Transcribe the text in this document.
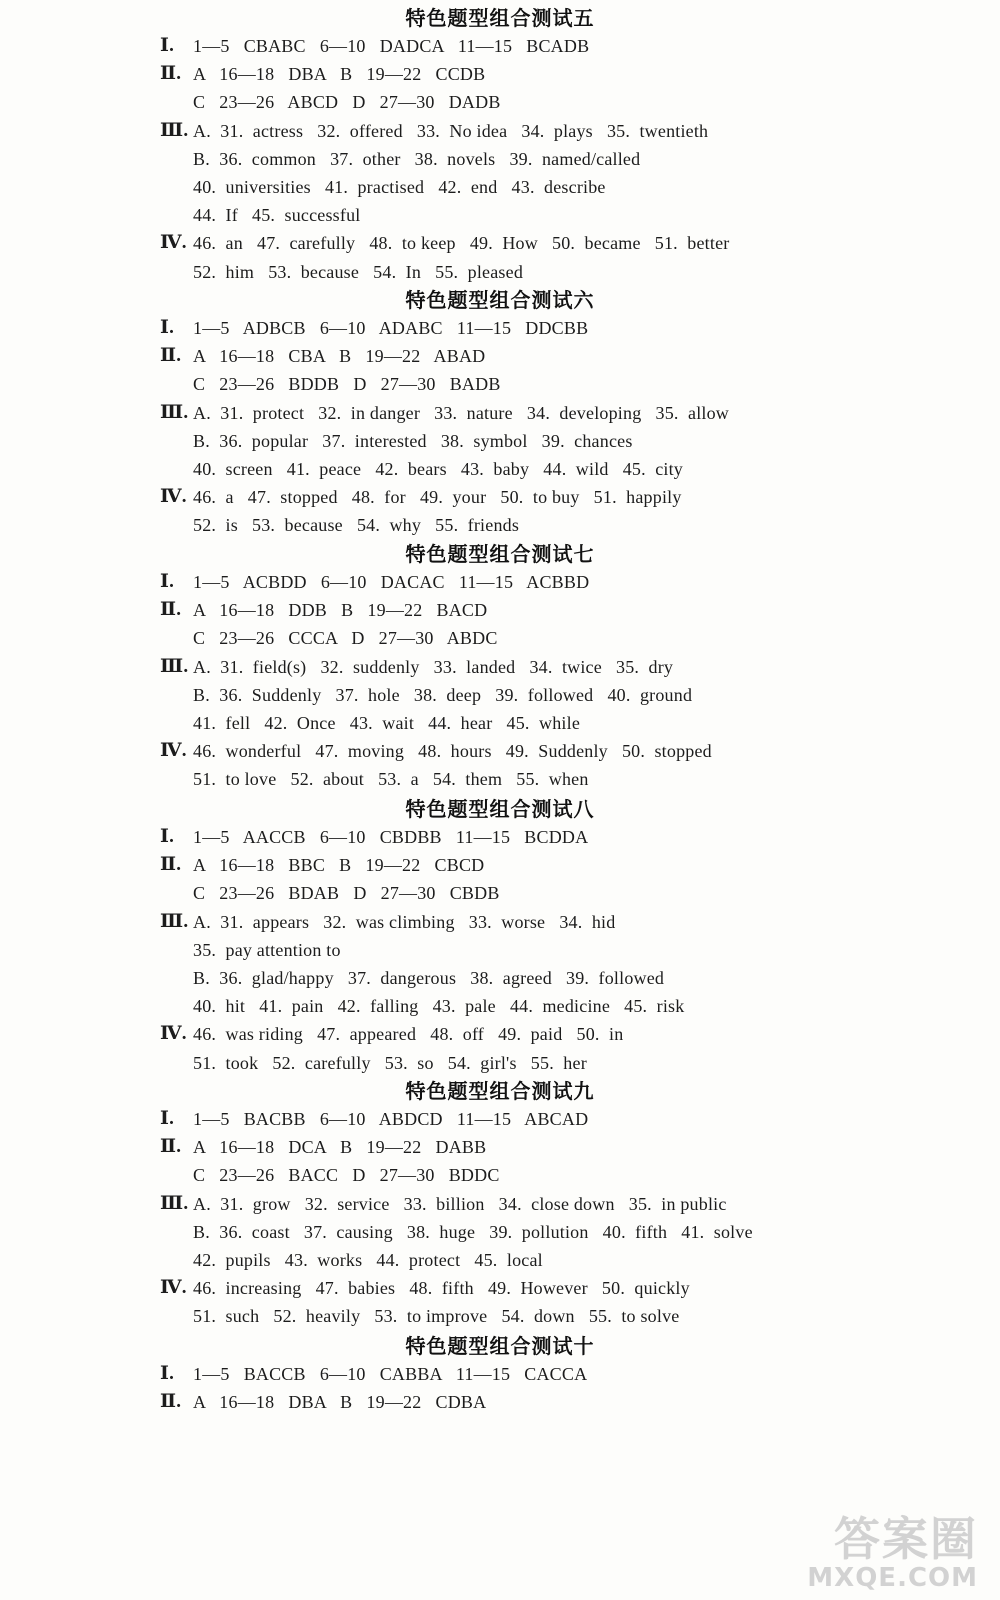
特色题型组合测试五
Ⅰ.	1—5   CBABC   6—10   DADCA   11—15   BCADB
Ⅱ. A   16—18   DBA   B   19—22   CCDB
C   23—26   ABCD   D   27—30   DADB
Ⅲ. A.  31.  actress   32.  offered   33.  No idea   34.  plays   35.  twentieth
B.  36.  common   37.  other   38.  novels   39.  named/called
40.  universities   41.  practised   42.  end   43.  describe
44.  If   45.  successful
Ⅳ. 46.  an   47.  carefully   48.  to keep   49.  How   50.  became   51.  better
52.  him   53.  because   54.  In   55.  pleased
特色题型组合测试六
Ⅰ.	1—5   ADBCB   6—10   ADABC   11—15   DDCBB
Ⅱ. A   16—18   CBA   B   19—22   ABAD
C   23—26   BDDB   D   27—30   BADB
Ⅲ. A.  31.  protect   32.  in danger   33.  nature   34.  developing   35.  allow
B.  36.  popular   37.  interested   38.  symbol   39.  chances
40.  screen   41.  peace   42.  bears   43.  baby   44.  wild   45.  city
Ⅳ. 46.  a   47.  stopped   48.  for   49.  your   50.  to buy   51.  happily
52.  is   53.  because   54.  why   55.  friends
特色题型组合测试七
Ⅰ.	1—5   ACBDD   6—10   DACAC   11—15   ACBBD
Ⅱ. A   16—18   DDB   B   19—22   BACD
C   23—26   CCCA   D   27—30   ABDC
Ⅲ. A.  31.  field(s)   32.  suddenly   33.  landed   34.  twice   35.  dry
B.  36.  Suddenly   37.  hole   38.  deep   39.  followed   40.  ground
41.  fell   42.  Once   43.  wait   44.  hear   45.  while
Ⅳ. 46.  wonderful   47.  moving   48.  hours   49.  Suddenly   50.  stopped
51.  to love   52.  about   53.  a   54.  them   55.  when
特色题型组合测试八
Ⅰ.	1—5   AACCB   6—10   CBDBB   11—15   BCDDA
Ⅱ. A   16—18   BBC   B   19—22   CBCD
C   23—26   BDAB   D   27—30   CBDB
Ⅲ. A.  31.  appears   32.  was climbing   33.  worse   34.  hid
35.  pay attention to
B.  36.  glad/happy   37.  dangerous   38.  agreed   39.  followed
40.  hit   41.  pain   42.  falling   43.  pale   44.  medicine   45.  risk
Ⅳ. 46.  was riding   47.  appeared   48.  off   49.  paid   50.  in
51.  took   52.  carefully   53.  so   54.  girl's   55.  her
特色题型组合测试九
Ⅰ.	1—5   BACBB   6—10   ABDCD   11—15   ABCAD
Ⅱ. A   16—18   DCA   B   19—22   DABB
C   23—26   BACC   D   27—30   BDDC
Ⅲ. A.  31.  grow   32.  service   33.  billion   34.  close down   35.  in public
B.  36.  coast   37.  causing   38.  huge   39.  pollution   40.  fifth   41.  solve
42.  pupils   43.  works   44.  protect   45.  local
Ⅳ. 46.  increasing   47.  babies   48.  fifth   49.  However   50.  quickly
51.  such   52.  heavily   53.  to improve   54.  down   55.  to solve
特色题型组合测试十
Ⅰ.	1—5   BACCB   6—10   CABBA   11—15   CACCA
Ⅱ. A   16—18   DBA   B   19—22   CDBA
答案圈
MXQE.COM
